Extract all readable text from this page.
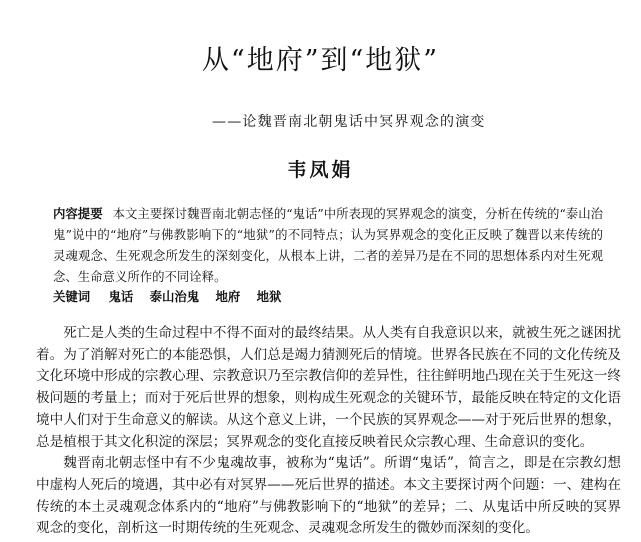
从“地府”到“地狱”
——论魏晋南北朝鬼话中冥界观念的演变
韦凤娟
内容提要 本文主要探讨魏晋南北朝志怪的“鬼话”中所表现的冥界观念的演变，分析在传统的“泰山治鬼”说中的“地府”与佛教影响下的“地狱”的不同特点；认为冥界观念的变化正反映了魏晋以来传统的灵魂观念、生死观念所发生的深刻变化，从根本上讲，二者的差异乃是在不同的思想体系内对生死观念、生命意义所作的不同诠释。
关键词 鬼话 泰山治鬼 地府 地狱

死亡是人类的生命过程中不得不面对的最终结果。从人类有自我意识以来，就被生死之谜困扰着。为了消解对死亡的本能恐惧，人们总是竭力猜测死后的情境。世界各民族在不同的文化传统及文化环境中形成的宗教心理、宗教意识乃至宗教信仰的差异性，往往鲜明地凸现在关于生死这一终极问题的考量上；而对于死后世界的想象，则构成生死观念的关键环节，最能反映在特定的文化语境中人们对于生命意义的解读。从这个意义上讲，一个民族的冥界观念——对于死后世界的想象，总是植根于其文化积淀的深层；冥界观念的变化直接反映着民众宗教心理、生命意识的变化。

魏晋南北朝志怪中有不少鬼魂故事，被称为“鬼话”。所谓“鬼话”，简言之，即是在宗教幻想中虚构人死后的境遇，其中必有对冥界——死后世界的描述。本文主要探讨两个问题：一、建构在传统的本土灵魂观念体系内的“地府”与佛教影响下的“地狱”的差异；二、从鬼话中所反映的冥界观念的变化，剖析这一时期传统的生死观念、灵魂观念所发生的微妙而深刻的变化。
